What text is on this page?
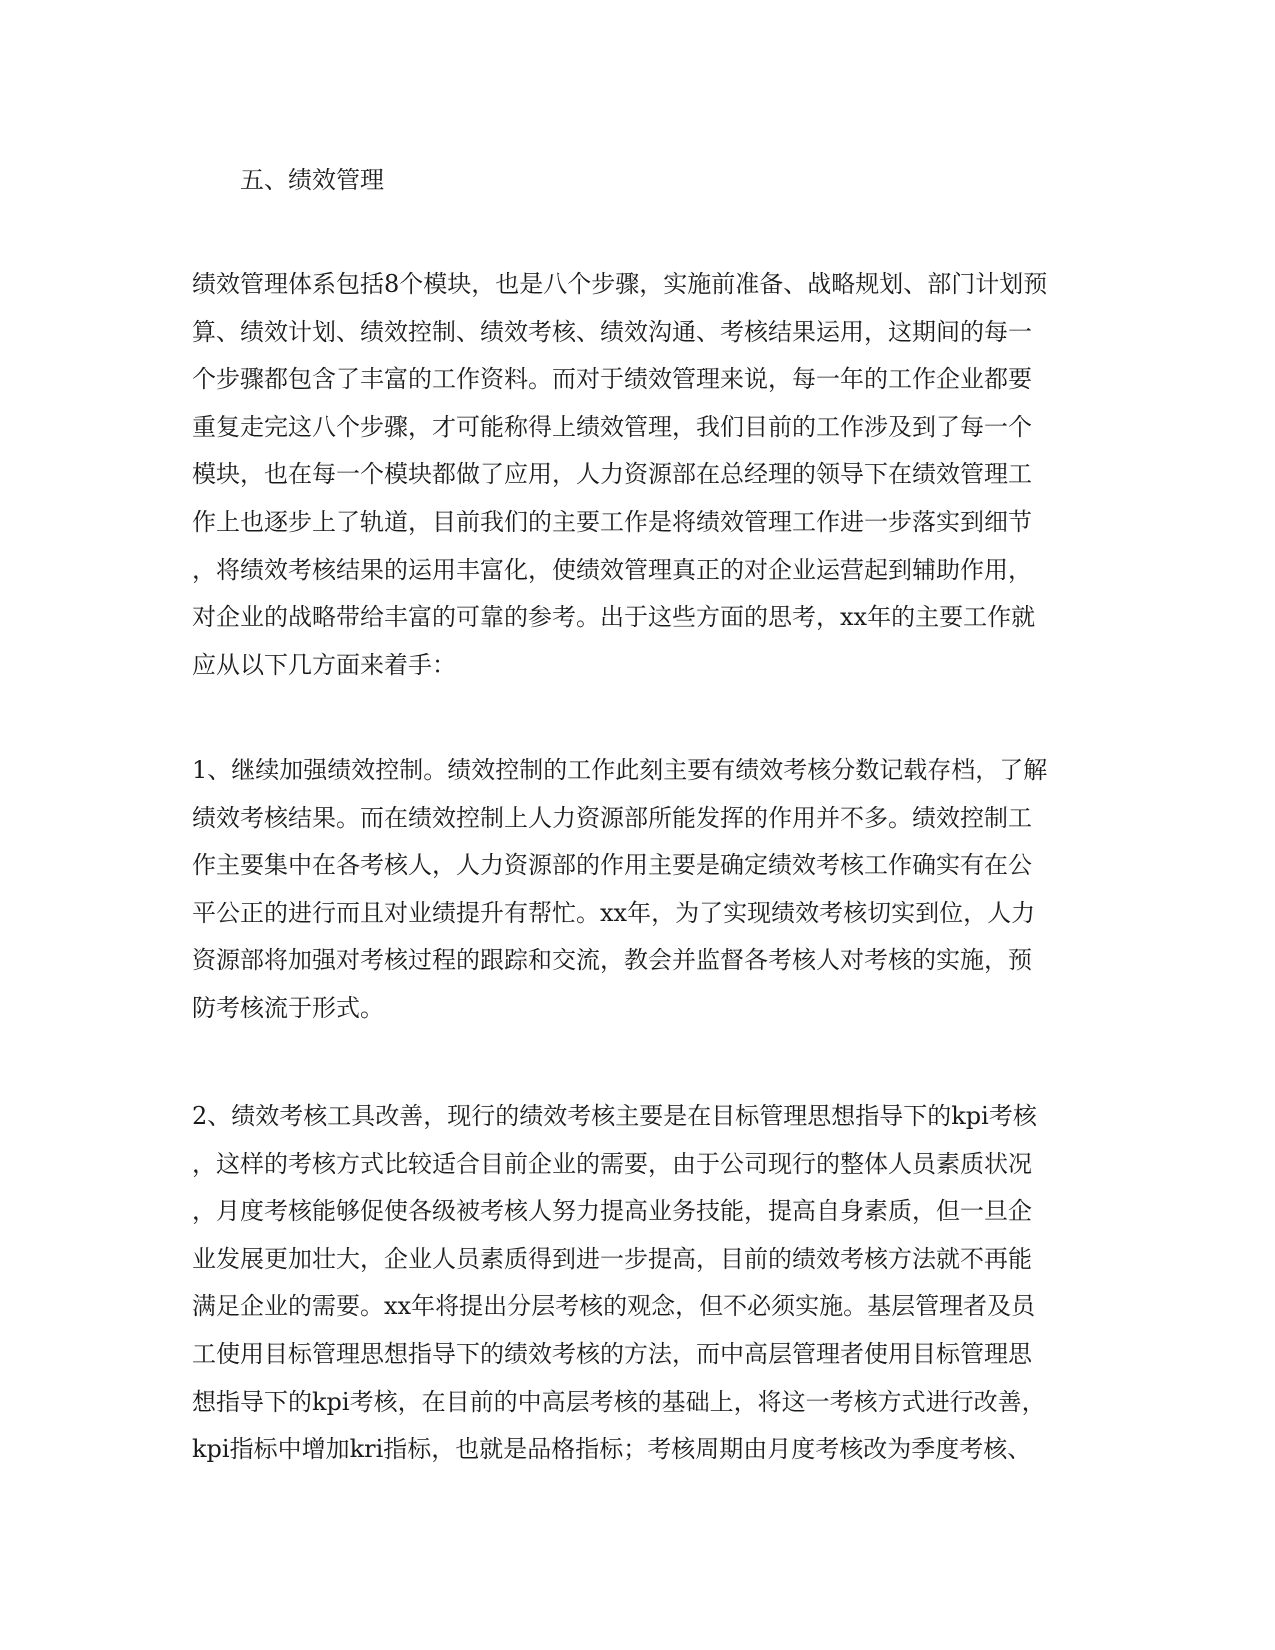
五、绩效管理
绩效管理体系包括8个模块，也是八个步骤，实施前准备、战略规划、部门计划预
算、绩效计划、绩效控制、绩效考核、绩效沟通、考核结果运用，这期间的每一
个步骤都包含了丰富的工作资料。而对于绩效管理来说，每一年的工作企业都要
重复走完这八个步骤，才可能称得上绩效管理，我们目前的工作涉及到了每一个
模块，也在每一个模块都做了应用，人力资源部在总经理的领导下在绩效管理工
作上也逐步上了轨道，目前我们的主要工作是将绩效管理工作进一步落实到细节
，将绩效考核结果的运用丰富化，使绩效管理真正的对企业运营起到辅助作用，
对企业的战略带给丰富的可靠的参考。出于这些方面的思考，xx年的主要工作就
应从以下几方面来着手：
1、继续加强绩效控制。绩效控制的工作此刻主要有绩效考核分数记载存档，了解
绩效考核结果。而在绩效控制上人力资源部所能发挥的作用并不多。绩效控制工
作主要集中在各考核人，人力资源部的作用主要是确定绩效考核工作确实有在公
平公正的进行而且对业绩提升有帮忙。xx年，为了实现绩效考核切实到位，人力
资源部将加强对考核过程的跟踪和交流，教会并监督各考核人对考核的实施，预
防考核流于形式。
2、绩效考核工具改善，现行的绩效考核主要是在目标管理思想指导下的kpi考核
，这样的考核方式比较适合目前企业的需要，由于公司现行的整体人员素质状况
，月度考核能够促使各级被考核人努力提高业务技能，提高自身素质，但一旦企
业发展更加壮大，企业人员素质得到进一步提高，目前的绩效考核方法就不再能
满足企业的需要。xx年将提出分层考核的观念，但不必须实施。基层管理者及员
工使用目标管理思想指导下的绩效考核的方法，而中高层管理者使用目标管理思
想指导下的kpi考核，在目前的中高层考核的基础上，将这一考核方式进行改善，
kpi指标中增加kri指标，也就是品格指标；考核周期由月度考核改为季度考核、
